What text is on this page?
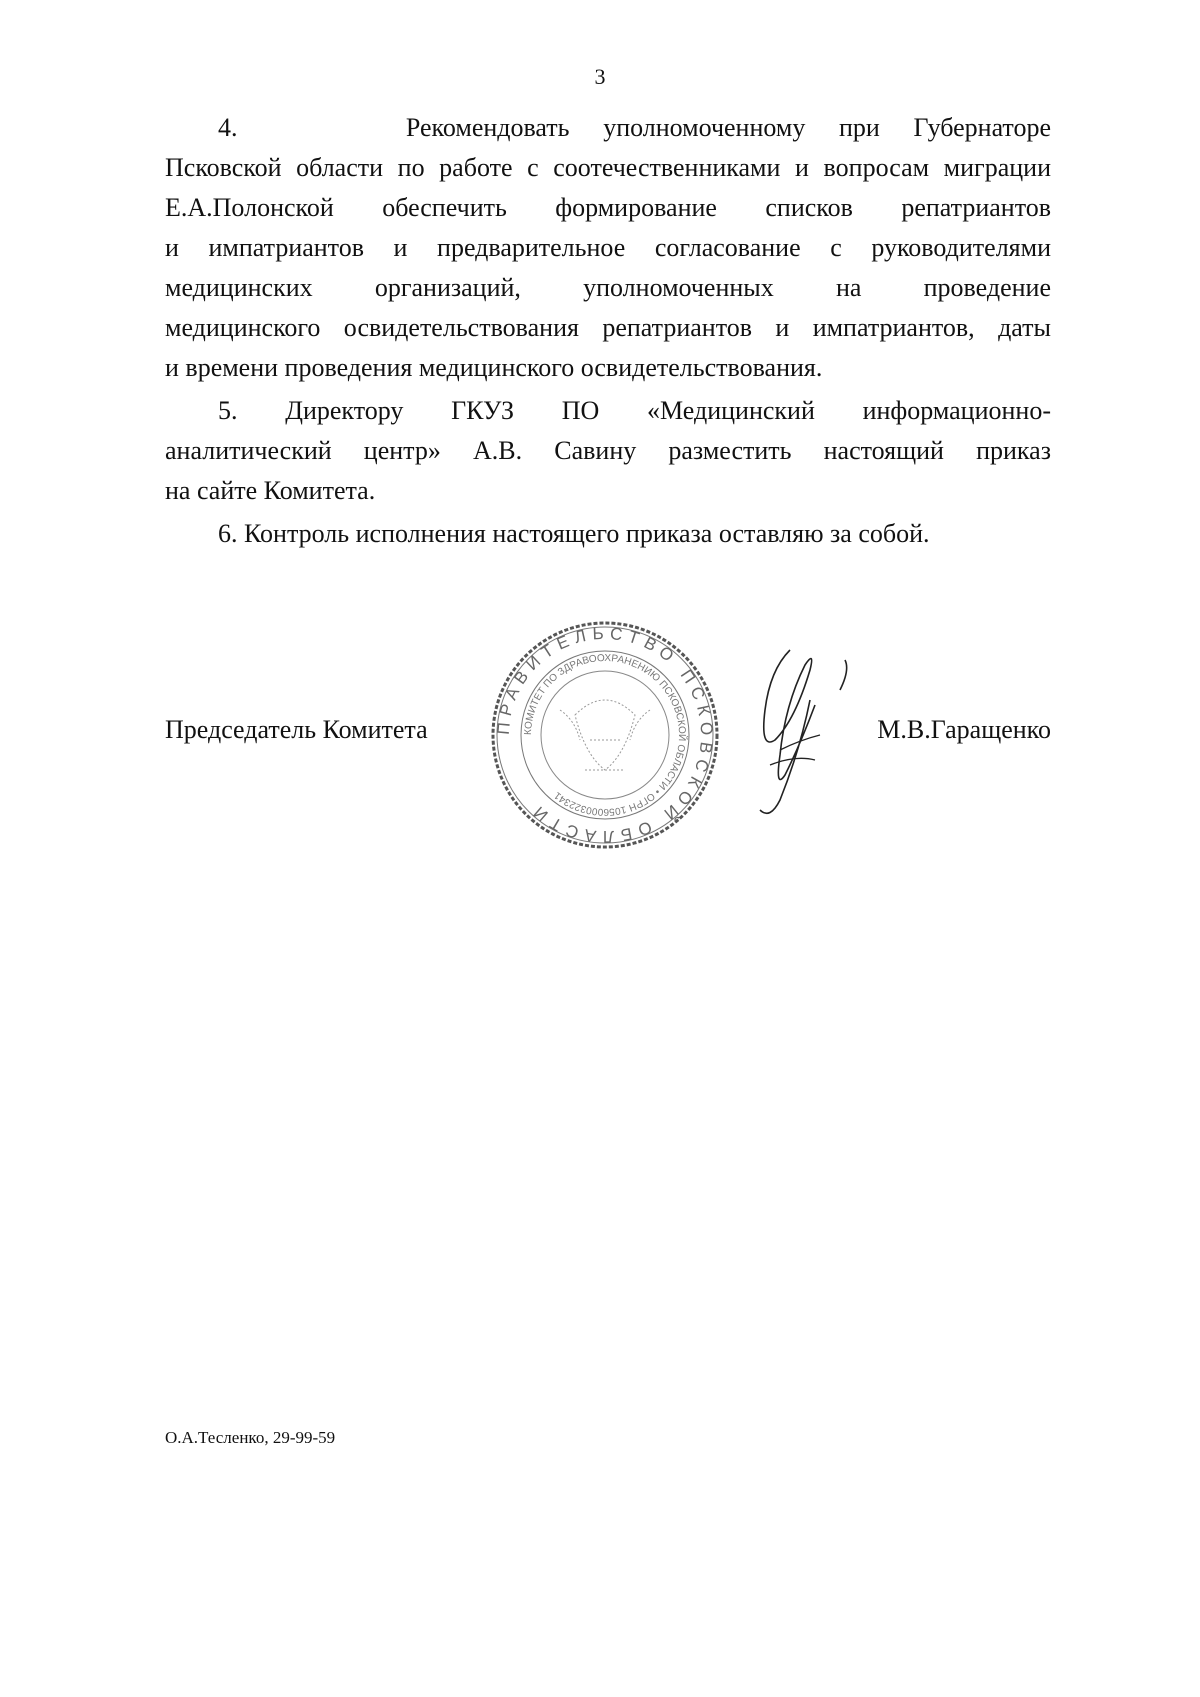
3
4.     Рекомендовать уполномоченному при Губернаторе
Псковской области по работе с соотечественниками и вопросам миграции
Е.А.Полонской обеспечить формирование списков репатриантов
и импатриантов и предварительное согласование с руководителями
медицинских организаций, уполномоченных на проведение
медицинского освидетельствования репатриантов и импатриантов, даты
и времени проведения медицинского освидетельствования.
5. Директору ГКУЗ ПО «Медицинский информационно-
аналитический центр» А.В. Савину разместить настоящий приказ
на сайте Комитета.
6. Контроль исполнения настоящего приказа оставляю за собой.
ПРАВИТЕЛЬСТВО ПСКОВСКОЙ ОБЛАСТИ
КОМИТЕТ ПО ЗДРАВООХРАНЕНИЮ ПСКОВСКОЙ ОБЛАСТИ • ОГРН 1056000322341
Председатель Комитета	М.В.Гаращенко
О.А.Тесленко, 29-99-59
